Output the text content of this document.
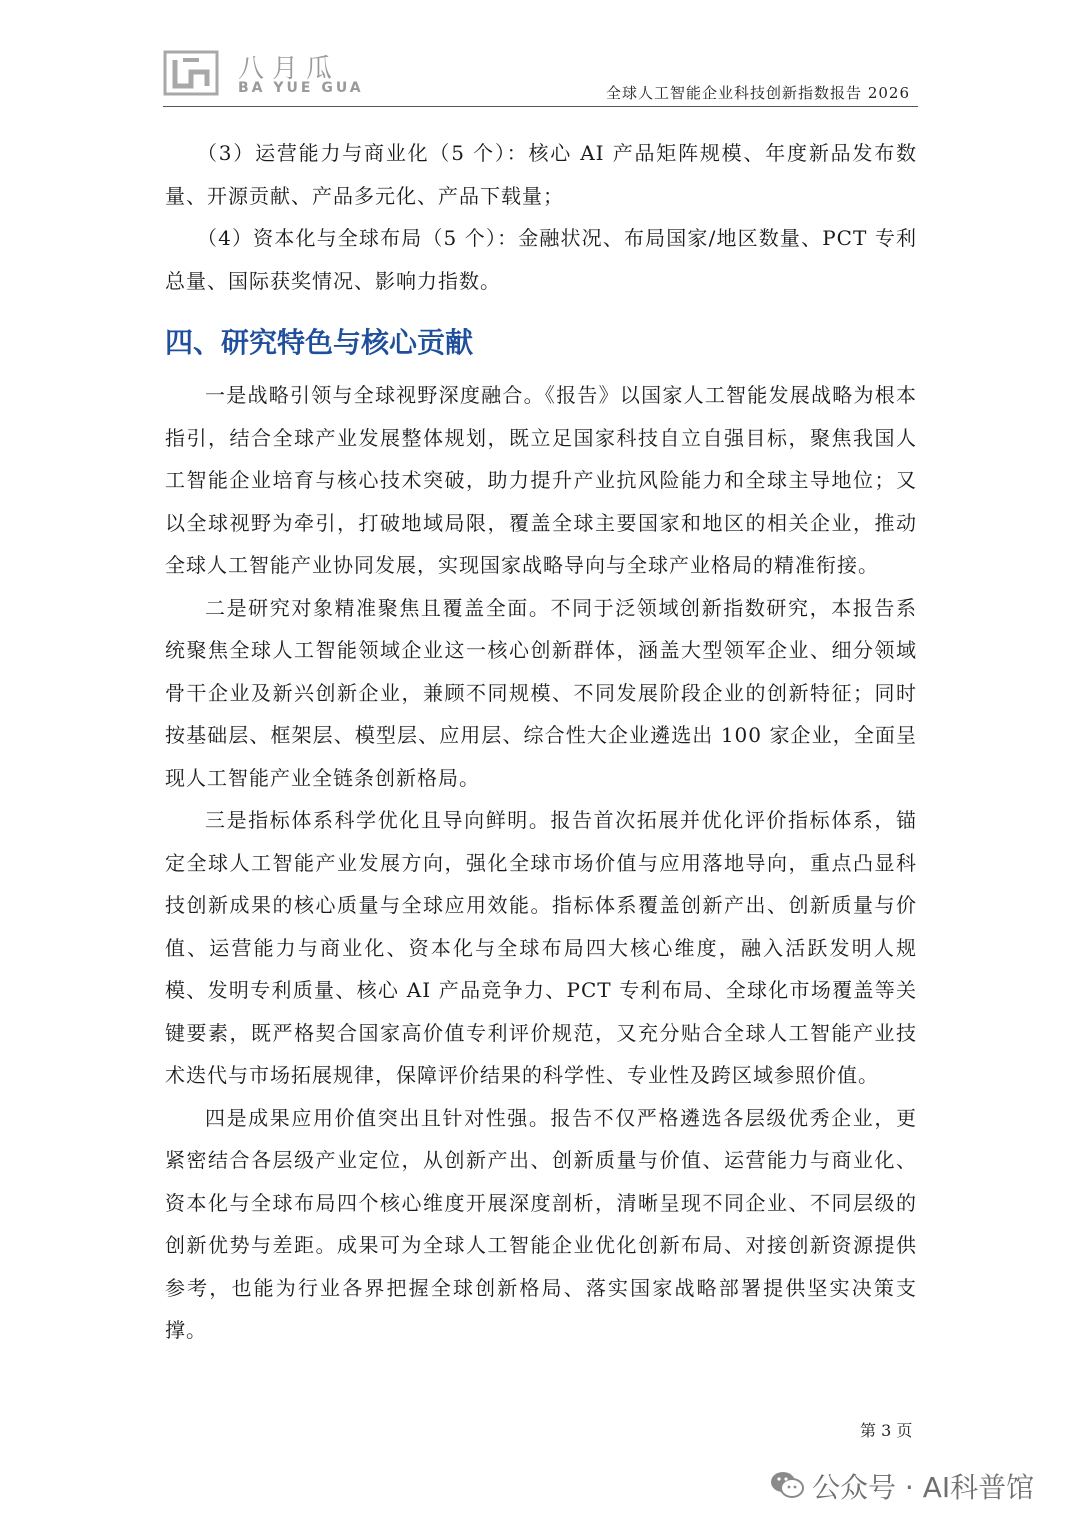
八月瓜
BA YUE GUA	全球人工智能企业科技创新指数报告 2026

（3）运营能力与商业化（5 个）：核心 AI 产品矩阵规模、年度新品发布数量、开源贡献、产品多元化、产品下载量；

（4）资本化与全球布局（5 个）：金融状况、布局国家/地区数量、PCT 专利总量、国际获奖情况、影响力指数。

四、研究特色与核心贡献

一是战略引领与全球视野深度融合。《报告》以国家人工智能发展战略为根本指引，结合全球产业发展整体规划，既立足国家科技自立自强目标，聚焦我国人工智能企业培育与核心技术突破，助力提升产业抗风险能力和全球主导地位；又以全球视野为牵引，打破地域局限，覆盖全球主要国家和地区的相关企业，推动全球人工智能产业协同发展，实现国家战略导向与全球产业格局的精准衔接。

二是研究对象精准聚焦且覆盖全面。不同于泛领域创新指数研究，本报告系统聚焦全球人工智能领域企业这一核心创新群体，涵盖大型领军企业、细分领域骨干企业及新兴创新企业，兼顾不同规模、不同发展阶段企业的创新特征；同时按基础层、框架层、模型层、应用层、综合性大企业遴选出 100 家企业，全面呈现人工智能产业全链条创新格局。

三是指标体系科学优化且导向鲜明。报告首次拓展并优化评价指标体系，锚定全球人工智能产业发展方向，强化全球市场价值与应用落地导向，重点凸显科技创新成果的核心质量与全球应用效能。指标体系覆盖创新产出、创新质量与价值、运营能力与商业化、资本化与全球布局四大核心维度，融入活跃发明人规模、发明专利质量、核心 AI 产品竞争力、PCT 专利布局、全球化市场覆盖等关键要素，既严格契合国家高价值专利评价规范，又充分贴合全球人工智能产业技术迭代与市场拓展规律，保障评价结果的科学性、专业性及跨区域参照价值。

四是成果应用价值突出且针对性强。报告不仅严格遴选各层级优秀企业，更紧密结合各层级产业定位，从创新产出、创新质量与价值、运营能力与商业化、资本化与全球布局四个核心维度开展深度剖析，清晰呈现不同企业、不同层级的创新优势与差距。成果可为全球人工智能企业优化创新布局、对接创新资源提供参考，也能为行业各界把握全球创新格局、落实国家战略部署提供坚实决策支撑。

第 3 页
公众号 · AI科普馆
